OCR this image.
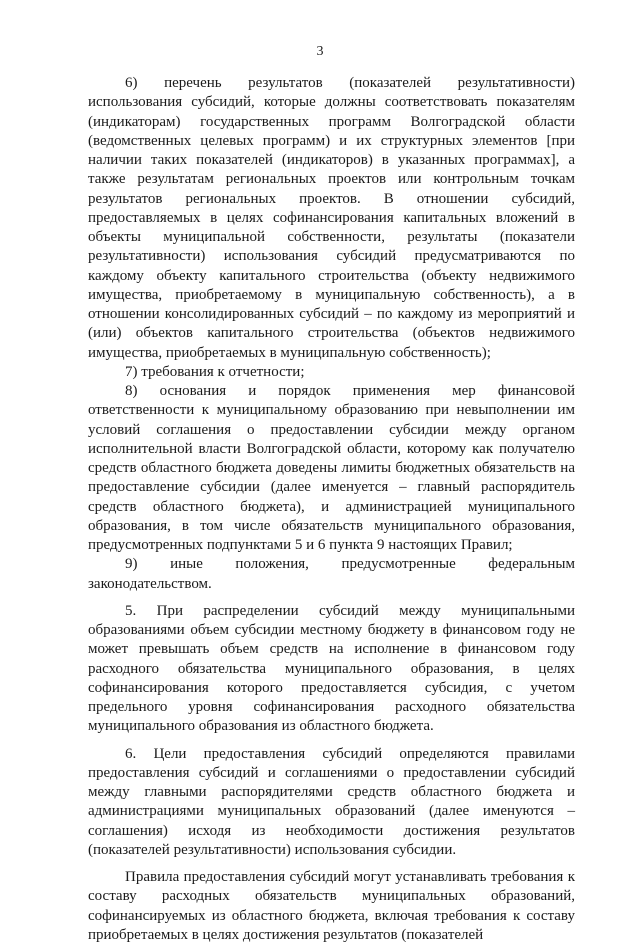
3

6) перечень результатов (показателей результативности) использования субсидий, которые должны соответствовать показателям (индикаторам) государственных программ Волгоградской области (ведомственных целевых программ) и их структурных элементов [при наличии таких показателей (индикаторов) в указанных программах], а также результатам региональных проектов или контрольным точкам результатов региональных проектов. В отношении субсидий, предоставляемых в целях софинансирования капитальных вложений в объекты муниципальной собственности, результаты (показатели результативности) использования субсидий предусматриваются по каждому объекту капитального строительства (объекту недвижимого имущества, приобретаемому в муниципальную собственность), а в отношении консолидированных субсидий – по каждому из мероприятий и (или) объектов капитального строительства (объектов недвижимого имущества, приобретаемых в муниципальную собственность);

7) требования к отчетности;

8) основания и порядок применения мер финансовой ответственности к муниципальному образованию при невыполнении им условий соглашения о предоставлении субсидии между органом исполнительной власти Волгоградской области, которому как получателю средств областного бюджета доведены лимиты бюджетных обязательств на предоставление субсидии (далее именуется – главный распорядитель средств областного бюджета), и администрацией муниципального образования, в том числе обязательств муниципального образования, предусмотренных подпунктами 5 и 6 пункта 9 настоящих Правил;

9) иные положения, предусмотренные федеральным законодательством.

5. При распределении субсидий между муниципальными образованиями объем субсидии местному бюджету в финансовом году не может превышать объем средств на исполнение в финансовом году расходного обязательства муниципального образования, в целях софинансирования которого предоставляется субсидия, с учетом предельного уровня софинансирования расходного обязательства муниципального образования из областного бюджета.

6. Цели предоставления субсидий определяются правилами предоставления субсидий и соглашениями о предоставлении субсидий между главными распорядителями средств областного бюджета и администрациями муниципальных образований (далее именуются – соглашения) исходя из необходимости достижения результатов (показателей результативности) использования субсидии.

Правила предоставления субсидий могут устанавливать требования к составу расходных обязательств муниципальных образований, софинансируемых из областного бюджета, включая требования к составу приобретаемых в целях достижения результатов (показателей
